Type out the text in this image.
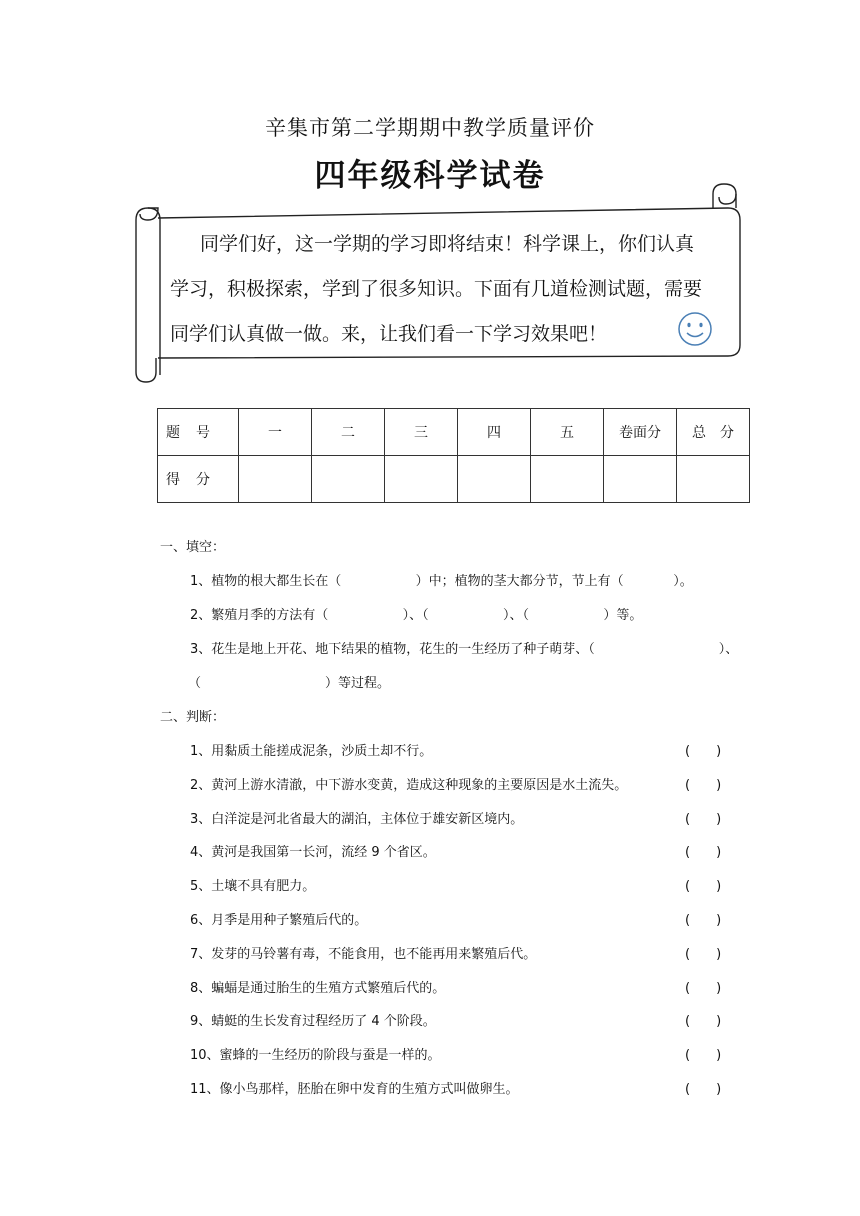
辛集市第二学期期中教学质量评价
四年级科学试卷
同学们好，这一学期的学习即将结束！科学课上，你们认真
学习，积极探索，学到了很多知识。下面有几道检测试题，需要
同学们认真做一做。来，让我们看一下学习效果吧！
题　号	一	二	三	四	五	卷面分	总　分
得　分							
一、填空：
1、植物的根大都生长在（                  ）中；植物的茎大都分节，节上有（            ）。
2、繁殖月季的方法有（                  ）、（                  ）、（                  ）等。
3、花生是地上开花、地下结果的植物，花生的一生经历了种子萌芽、（                              ）、
（                              ）等过程。
二、判断：
1、用黏质土能搓成泥条，沙质土却不行。	(　　)
2、黄河上游水清澈，中下游水变黄，造成这种现象的主要原因是水土流失。	(　　)
3、白洋淀是河北省最大的湖泊，主体位于雄安新区境内。	(　　)
4、黄河是我国第一长河，流经 9 个省区。	(　　)
5、土壤不具有肥力。	(　　)
6、月季是用种子繁殖后代的。	(　　)
7、发芽的马铃薯有毒，不能食用，也不能再用来繁殖后代。	(　　)
8、蝙蝠是通过胎生的生殖方式繁殖后代的。	(　　)
9、蜻蜓的生长发育过程经历了 4 个阶段。	(　　)
10、蜜蜂的一生经历的阶段与蚕是一样的。	(　　)
11、像小鸟那样，胚胎在卵中发育的生殖方式叫做卵生。	(　　)
